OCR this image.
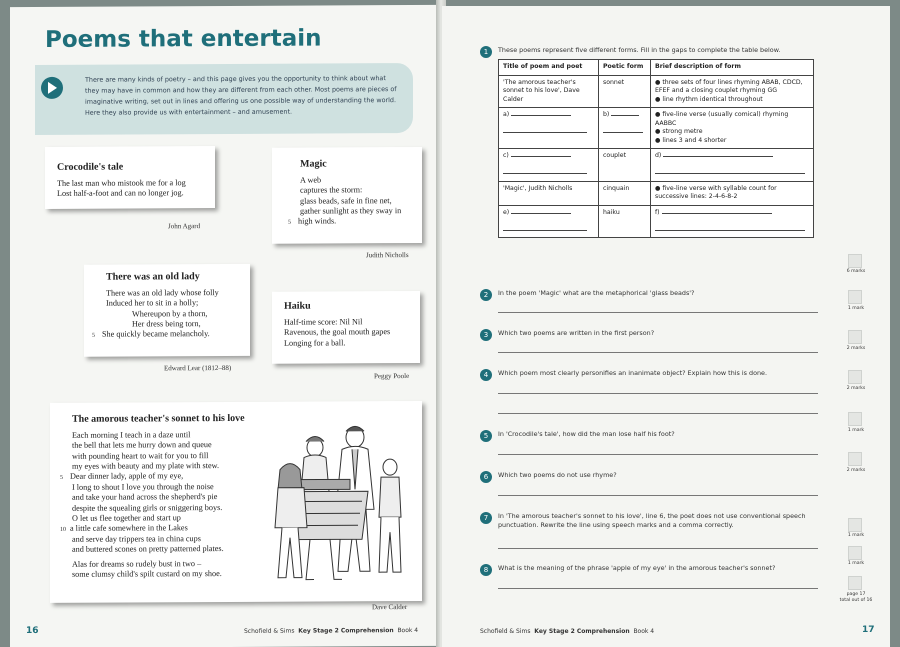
Poems that entertain
There are many kinds of poetry – and this page gives you the opportunity to think about what they may have in common and how they are different from each other. Most poems are pieces of imaginative writing, set out in lines and offering us one possible way of understanding the world. Here they also provide us with entertainment – and amusement.
Crocodile's tale
The last man who mistook me for a log
Lost half-a-foot and can no longer jog.
John Agard
Magic
A web
captures the storm:
glass beads, safe in fine net,
gather sunlight as they sway in
5 high winds.
Judith Nicholls
There was an old lady
There was an old lady whose folly
Induced her to sit in a holly;
Whereupon by a thorn,
Her dress being torn,
5 She quickly became melancholy.
Edward Lear (1812–88)
Haiku
Half-time score: Nil Nil
Ravenous, the goal mouth gapes
Longing for a ball.
Peggy Poole
The amorous teacher's sonnet to his love
Each morning I teach in a daze until
the bell that lets me hurry down and queue
with pounding heart to wait for you to fill
my eyes with beauty and my plate with stew.
5 Dear dinner lady, apple of my eye,
I long to shout I love you through the noise
and take your hand across the shepherd's pie
despite the squealing girls or sniggering boys.
O let us flee together and start up
10 a little cafe somewhere in the Lakes
and serve day trippers tea in china cups
and buttered scones on pretty patterned plates.
Alas for dreams so rudely bust in two –
some clumsy child's spilt custard on my shoe.
Dave Calder
16	Schofield & Sims Key Stage 2 Comprehension Book 4
1 These poems represent five different forms. Fill in the gaps to complete the table below.
Title of poem and poet	Poetic form	Brief description of form
'The amorous teacher's sonnet to his love', Dave Calder	sonnet	● three sets of four lines rhyming ABAB, CDCD, EFEF and a closing couplet rhyming GG
● line rhythm identical throughout

a)	b)	● five-line verse (usually comical) rhyming AABBC
● strong metre
● lines 3 and 4 shorter

c)	couplet	d)

'Magic', Judith Nicholls	cinquain	● five-line verse with syllable count for successive lines: 2-4-6-8-2

e)	haiku	f)

2 In the poem 'Magic' what are the metaphorical 'glass beads'?
3 Which two poems are written in the first person?
4 Which poem most clearly personifies an inanimate object? Explain how this is done.
5 In 'Crocodile's tale', how did the man lose half his foot?
6 Which two poems do not use rhyme?
7 In 'The amorous teacher's sonnet to his love', line 6, the poet does not use conventional speech punctuation. Rewrite the line using speech marks and a comma correctly.
8 What is the meaning of the phrase 'apple of my eye' in the amorous teacher's sonnet?
6 marks
1 mark
2 marks
2 marks
1 mark
2 marks
1 mark
1 mark
page 17
total out of 16
Schofield & Sims Key Stage 2 Comprehension Book 4	17
